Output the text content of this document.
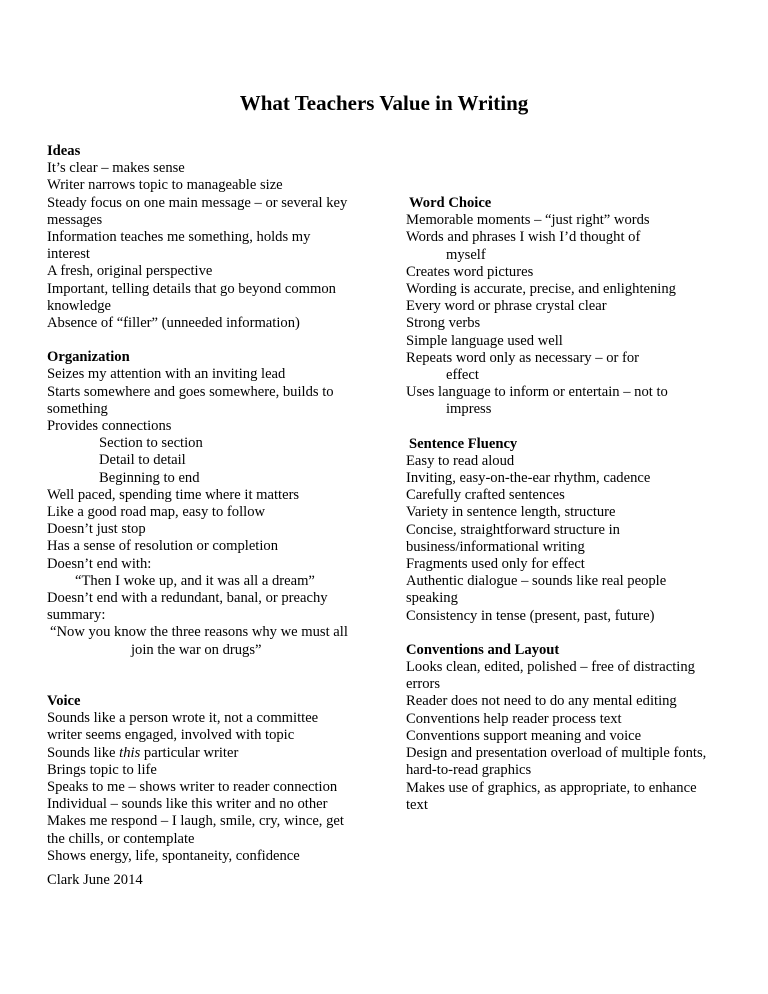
What Teachers Value in Writing
Ideas
It’s clear – makes sense
Writer narrows topic to manageable size
Steady focus on one main message – or several key
messages
Information teaches me something, holds my
interest
A fresh, original perspective
Important, telling details that go beyond common
knowledge
Absence of “filler” (unneeded information)
Organization
Seizes my attention with an inviting lead
Starts somewhere and goes somewhere, builds to
something
Provides connections
Section to section
Detail to detail
Beginning to end
Well paced, spending time where it matters
Like a good road map, easy to follow
Doesn’t just stop
Has a sense of resolution or completion
Doesn’t end with:
“Then I woke up, and it was all a dream”
Doesn’t end with a redundant, banal, or preachy
summary:
“Now you know the three reasons why we must all
join the war on drugs”
Voice
Sounds like a person wrote it, not a committee
writer seems engaged, involved with topic
Sounds like this particular writer
Brings topic to life
Speaks to me – shows writer to reader connection
Individual – sounds like this writer and no other
Makes me respond – I laugh, smile, cry, wince, get
the chills, or contemplate
Shows energy, life, spontaneity, confidence
Word Choice
Memorable moments – “just right” words
Words and phrases I wish I’d thought of
myself
Creates word pictures
Wording is accurate, precise, and enlightening
Every word or phrase crystal clear
Strong verbs
Simple language used well
Repeats word only as necessary – or for
effect
Uses language to inform or entertain – not to
impress
Sentence Fluency
Easy to read aloud
Inviting, easy-on-the-ear rhythm, cadence
Carefully crafted sentences
Variety in sentence length, structure
Concise, straightforward structure in
business/informational writing
Fragments used only for effect
Authentic dialogue – sounds like real people
speaking
Consistency in tense (present, past, future)
Conventions and Layout
Looks clean, edited, polished – free of distracting
errors
Reader does not need to do any mental editing
Conventions help reader process text
Conventions support meaning and voice
Design and presentation overload of multiple fonts,
hard-to-read graphics
Makes use of graphics, as appropriate, to enhance
text
Clark June 2014
